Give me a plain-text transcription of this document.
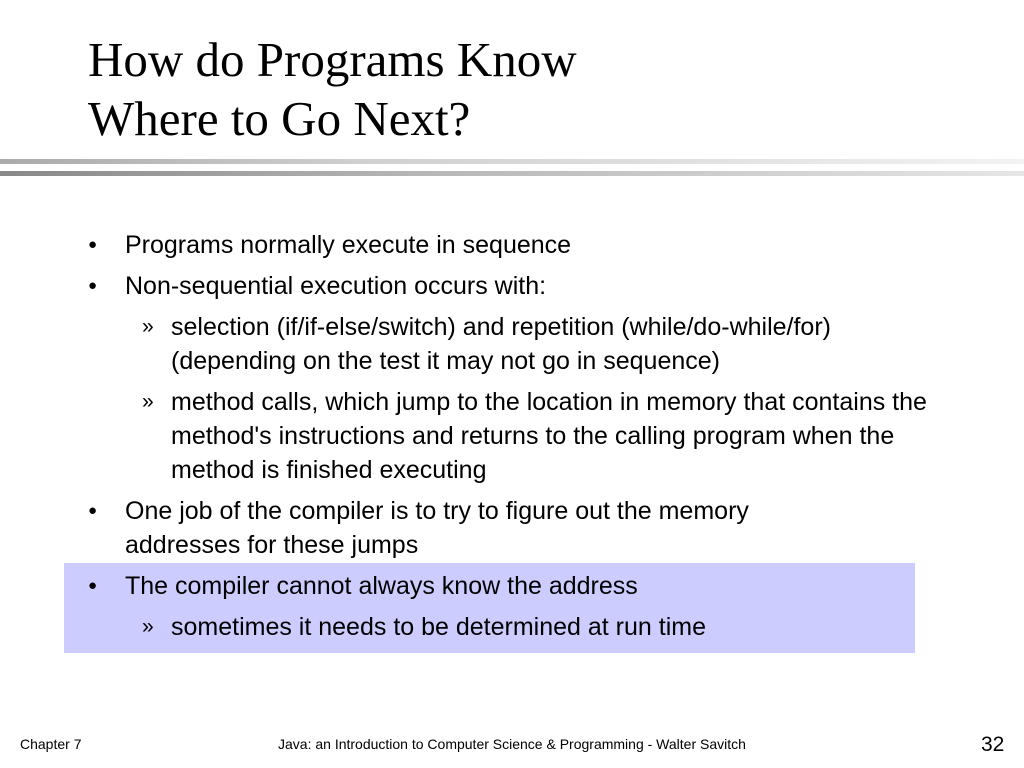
How do Programs Know
Where to Go Next?
● Programs normally execute in sequence
● Non-sequential execution occurs with:
» selection (if/if-else/switch) and repetition (while/do-while/for) (depending on the test it may not go in sequence)
» method calls, which jump to the location in memory that contains the method's instructions and returns to the calling program when the method is finished executing
● One job of the compiler is to try to figure out the memory addresses for these jumps
● The compiler cannot always know the address
» sometimes it needs to be determined at run time
Chapter 7	Java: an Introduction to Computer Science & Programming - Walter Savitch	32
